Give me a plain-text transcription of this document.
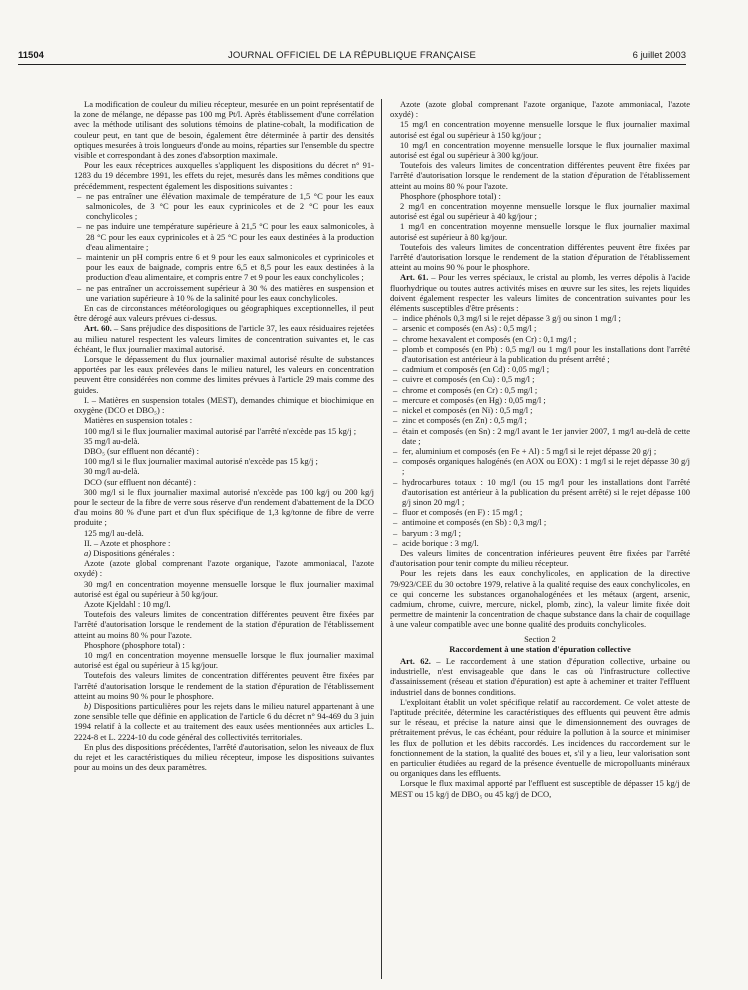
11504	JOURNAL OFFICIEL DE LA RÉPUBLIQUE FRANÇAISE	6 juillet 2003

La modification de couleur du milieu récepteur, mesurée en un point représentatif de la zone de mélange, ne dépasse pas 100 mg Pt/l. Après établissement d'une corrélation avec la méthode utilisant des solutions témoins de platine-cobalt, la modification de couleur peut, en tant que de besoin, également être déterminée à partir des densités optiques mesurées à trois longueurs d'onde au moins, réparties sur l'ensemble du spectre visible et correspondant à des zones d'absorption maximale.

Pour les eaux réceptrices auxquelles s'appliquent les dispositions du décret n° 91-1283 du 19 décembre 1991, les effets du rejet, mesurés dans les mêmes conditions que précédemment, respectent également les dispositions suivantes :

– ne pas entraîner une élévation maximale de température de 1,5 °C pour les eaux salmonicoles, de 3 °C pour les eaux cyprinicoles et de 2 °C pour les eaux conchylicoles ;
– ne pas induire une température supérieure à 21,5 °C pour les eaux salmonicoles, à 28 °C pour les eaux cyprinicoles et à 25 °C pour les eaux destinées à la production d'eau alimentaire ;
– maintenir un pH compris entre 6 et 9 pour les eaux salmonicoles et cyprinicoles et pour les eaux de baignade, compris entre 6,5 et 8,5 pour les eaux destinées à la production d'eau alimentaire, et compris entre 7 et 9 pour les eaux conchylicoles ;
– ne pas entraîner un accroissement supérieur à 30 % des matières en suspension et une variation supérieure à 10 % de la salinité pour les eaux conchylicoles.

En cas de circonstances météorologiques ou géographiques exceptionnelles, il peut être dérogé aux valeurs prévues ci-dessus.

Art. 60. – Sans préjudice des dispositions de l'article 37, les eaux résiduaires rejetées au milieu naturel respectent les valeurs limites de concentration suivantes et, le cas échéant, le flux journalier maximal autorisé.

Lorsque le dépassement du flux journalier maximal autorisé résulte de substances apportées par les eaux prélevées dans le milieu naturel, les valeurs en concentration peuvent être considérées non comme des limites prévues à l'article 29 mais comme des guides.

I. – Matières en suspension totales (MEST), demandes chimique et biochimique en oxygène (DCO et DBO₅) :

Matières en suspension totales :

100 mg/l si le flux journalier maximal autorisé par l'arrêté n'excède pas 15 kg/j ;

35 mg/l au-delà.

DBO₅ (sur effluent non décanté) :

100 mg/l si le flux journalier maximal autorisé n'excède pas 15 kg/j ;

30 mg/l au-delà.

DCO (sur effluent non décanté) :

300 mg/l si le flux journalier maximal autorisé n'excède pas 100 kg/j ou 200 kg/j pour le secteur de la fibre de verre sous réserve d'un rendement d'abattement de la DCO d'au moins 80 % d'une part et d'un flux spécifique de 1,3 kg/tonne de fibre de verre produite ;

125 mg/l au-delà.

II. – Azote et phosphore :

a) Dispositions générales :

Azote (azote global comprenant l'azote organique, l'azote ammoniacal, l'azote oxydé) :

30 mg/l en concentration moyenne mensuelle lorsque le flux journalier maximal autorisé est égal ou supérieur à 50 kg/jour.

Azote Kjeldahl : 10 mg/l.

Toutefois des valeurs limites de concentration différentes peuvent être fixées par l'arrêté d'autorisation lorsque le rendement de la station d'épuration de l'établissement atteint au moins 80 % pour l'azote.

Phosphore (phosphore total) :

10 mg/l en concentration moyenne mensuelle lorsque le flux journalier maximal autorisé est égal ou supérieur à 15 kg/jour.

Toutefois des valeurs limites de concentration différentes peuvent être fixées par l'arrêté d'autorisation lorsque le rendement de la station d'épuration de l'établissement atteint au moins 90 % pour le phosphore.

b) Dispositions particulières pour les rejets dans le milieu naturel appartenant à une zone sensible telle que définie en application de l'article 6 du décret n° 94-469 du 3 juin 1994 relatif à la collecte et au traitement des eaux usées mentionnées aux articles L. 2224-8 et L. 2224-10 du code général des collectivités territoriales.

En plus des dispositions précédentes, l'arrêté d'autorisation, selon les niveaux de flux du rejet et les caractéristiques du milieu récepteur, impose les dispositions suivantes pour au moins un des deux paramètres.

Azote (azote global comprenant l'azote organique, l'azote ammoniacal, l'azote oxydé) :

15 mg/l en concentration moyenne mensuelle lorsque le flux journalier maximal autorisé est égal ou supérieur à 150 kg/jour ;

10 mg/l en concentration moyenne mensuelle lorsque le flux journalier maximal autorisé est égal ou supérieur à 300 kg/jour.

Toutefois des valeurs limites de concentration différentes peuvent être fixées par l'arrêté d'autorisation lorsque le rendement de la station d'épuration de l'établissement atteint au moins 80 % pour l'azote.

Phosphore (phosphore total) :

2 mg/l en concentration moyenne mensuelle lorsque le flux journalier maximal autorisé est égal ou supérieur à 40 kg/jour ;

1 mg/l en concentration moyenne mensuelle lorsque le flux journalier maximal autorisé est supérieur à 80 kg/jour.

Toutefois des valeurs limites de concentration différentes peuvent être fixées par l'arrêté d'autorisation lorsque le rendement de la station d'épuration de l'établissement atteint au moins 90 % pour le phosphore.

Art. 61. – Pour les verres spéciaux, le cristal au plomb, les verres dépolis à l'acide fluorhydrique ou toutes autres activités mises en œuvre sur les sites, les rejets liquides doivent également respecter les valeurs limites de concentration suivantes pour les éléments susceptibles d'être présents :

– indice phénols 0,3 mg/l si le rejet dépasse 3 g/j ou sinon 1 mg/l ;
– arsenic et composés (en As) : 0,5 mg/l ;
– chrome hexavalent et composés (en Cr) : 0,1 mg/l ;
– plomb et composés (en Pb) : 0,5 mg/l ou 1 mg/l pour les installations dont l'arrêté d'autorisation est antérieur à la publication du présent arrêté ;
– cadmium et composés (en Cd) : 0,05 mg/l ;
– cuivre et composés (en Cu) : 0,5 mg/l ;
– chrome et composés (en Cr) : 0,5 mg/l ;
– mercure et composés (en Hg) : 0,05 mg/l ;
– nickel et composés (en Ni) : 0,5 mg/l ;
– zinc et composés (en Zn) : 0,5 mg/l ;
– étain et composés (en Sn) : 2 mg/l avant le 1er janvier 2007, 1 mg/l au-delà de cette date ;
– fer, aluminium et composés (en Fe + Al) : 5 mg/l si le rejet dépasse 20 g/j ;
– composés organiques halogénés (en AOX ou EOX) : 1 mg/l si le rejet dépasse 30 g/j ;
– hydrocarbures totaux : 10 mg/l (ou 15 mg/l pour les installations dont l'arrêté d'autorisation est antérieur à la publication du présent arrêté) si le rejet dépasse 100 g/j sinon 20 mg/l ;
– fluor et composés (en F) : 15 mg/l ;
– antimoine et composés (en Sb) : 0,3 mg/l ;
– baryum : 3 mg/l ;
– acide borique : 3 mg/l.

Des valeurs limites de concentration inférieures peuvent être fixées par l'arrêté d'autorisation pour tenir compte du milieu récepteur.

Pour les rejets dans les eaux conchylicoles, en application de la directive 79/923/CEE du 30 octobre 1979, relative à la qualité requise des eaux conchylicoles, en ce qui concerne les substances organohalogénées et les métaux (argent, arsenic, cadmium, chrome, cuivre, mercure, nickel, plomb, zinc), la valeur limite fixée doit permettre de maintenir la concentration de chaque substance dans la chair de coquillage à une valeur compatible avec une bonne qualité des produits conchylicoles.

Section 2

Raccordement à une station d'épuration collective

Art. 62. – Le raccordement à une station d'épuration collective, urbaine ou industrielle, n'est envisageable que dans le cas où l'infrastructure collective d'assainissement (réseau et station d'épuration) est apte à acheminer et traiter l'effluent industriel dans de bonnes conditions.

L'exploitant établit un volet spécifique relatif au raccordement. Ce volet atteste de l'aptitude précitée, détermine les caractéristiques des effluents qui peuvent être admis sur le réseau, et précise la nature ainsi que le dimensionnement des ouvrages de prétraitement prévus, le cas échéant, pour réduire la pollution à la source et minimiser les flux de pollution et les débits raccordés. Les incidences du raccordement sur le fonctionnement de la station, la qualité des boues et, s'il y a lieu, leur valorisation sont en particulier étudiées au regard de la présence éventuelle de micropolluants minéraux ou organiques dans les effluents.

Lorsque le flux maximal apporté par l'effluent est susceptible de dépasser 15 kg/j de MEST ou 15 kg/j de DBO₅ ou 45 kg/j de DCO,
